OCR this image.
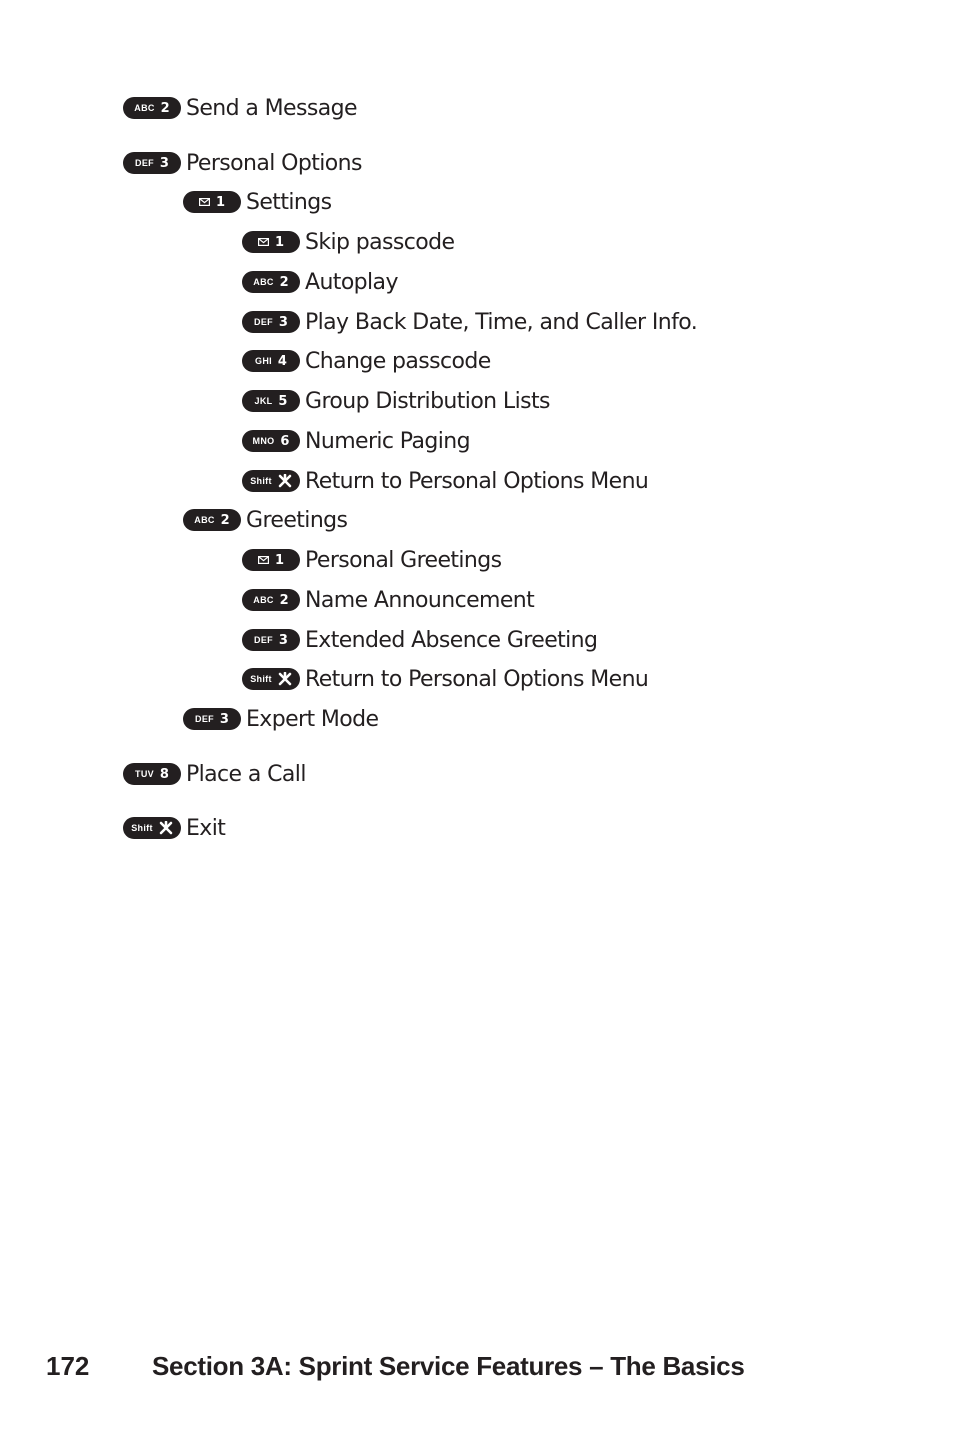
ABC 2 Send a Message
DEF 3 Personal Options
1 Settings
1 Skip passcode
ABC 2 Autoplay
DEF 3 Play Back Date, Time, and Caller Info.
GHI 4 Change passcode
JKL 5 Group Distribution Lists
MNO 6 Numeric Paging
Shift Return to Personal Options Menu
ABC 2 Greetings
1 Personal Greetings
ABC 2 Name Announcement
DEF 3 Extended Absence Greeting
Shift Return to Personal Options Menu
DEF 3 Expert Mode
TUV 8 Place a Call
Shift Exit
172	Section 3A: Sprint Service Features – The Basics
